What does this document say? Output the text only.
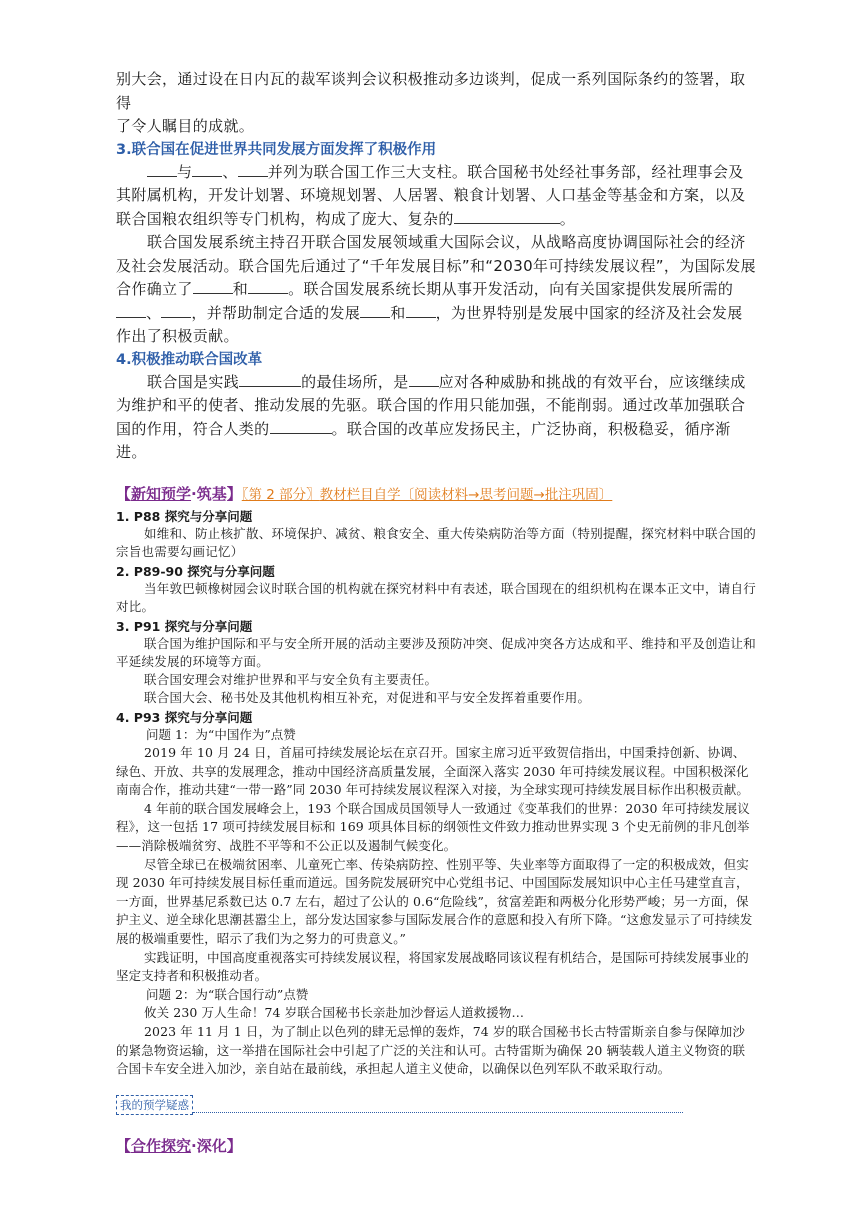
别大会，通过设在日内瓦的裁军谈判会议积极推动多边谈判，促成一系列国际条约的签署，取得
了令人瞩目的成就。

3.联合国在促进世界共同发展方面发挥了积极作用

与 、 并列为联合国工作三大支柱。联合国秘书处经社事务部，经社理事会及其附属机构，开发计划署、环境规划署、人居署、粮食计划署、人口基金等基金和方案，以及联合国粮农组织等专门机构，构成了庞大、复杂的	。

联合国发展系统主持召开联合国发展领域重大国际会议，从战略高度协调国际社会的经济及社会发展活动。联合国先后通过了“千年发展目标”和“2030年可持续发展议程”，为国际发展合作确立了	和	。联合国发展系统长期从事开发活动，向有关国家提供发展所需的、 ，并帮助制定合适的发展 和 ，为世界特别是发展中国家的经济及社会发展作出了积极贡献。

4.积极推动联合国改革

联合国是实践	的最佳场所，是 应对各种威胁和挑战的有效平台，应该继续成为维护和平的使者、推动发展的先驱。联合国的作用只能加强，不能削弱。通过改革加强联合国的作用，符合人类的	。联合国的改革应发扬民主，广泛协商，积极稳妥，循序渐进。

【新知预学·筑基】〖第 2 部分〗教材栏目自学〔阅读材料→思考问题→批注巩固〕

1. P88 探究与分享问题

如维和、防止核扩散、环境保护、减贫、粮食安全、重大传染病防治等方面（特别提醒，探究材料中联合国的宗旨也需要勾画记忆）

2. P89-90 探究与分享问题

当年敦巴顿橡树园会议时联合国的机构就在探究材料中有表述，联合国现在的组织机构在课本正文中，请自行对比。

3. P91 探究与分享问题

联合国为维护国际和平与安全所开展的活动主要涉及预防冲突、促成冲突各方达成和平、维持和平及创造让和平延续发展的环境等方面。

联合国安理会对维护世界和平与安全负有主要责任。

联合国大会、秘书处及其他机构相互补充，对促进和平与安全发挥着重要作用。

4. P93 探究与分享问题

问题 1：为“中国作为”点赞

2019 年 10 月 24 日，首届可持续发展论坛在京召开。国家主席习近平致贺信指出，中国秉持创新、协调、绿色、开放、共享的发展理念，推动中国经济高质量发展，全面深入落实 2030 年可持续发展议程。中国积极深化南南合作，推动共建“一带一路”同 2030 年可持续发展议程深入对接，为全球实现可持续发展目标作出积极贡献。

4 年前的联合国发展峰会上，193 个联合国成员国领导人一致通过《变革我们的世界：2030 年可持续发展议程》，这一包括 17 项可持续发展目标和 169 项具体目标的纲领性文件致力推动世界实现 3 个史无前例的非凡创举——消除极端贫穷、战胜不平等和不公正以及遏制气候变化。

尽管全球已在极端贫困率、儿童死亡率、传染病防控、性别平等、失业率等方面取得了一定的积极成效，但实现 2030 年可持续发展目标任重而道远。国务院发展研究中心党组书记、中国国际发展知识中心主任马建堂直言，一方面，世界基尼系数已达 0.7 左右，超过了公认的 0.6“危险线”，贫富差距和两极分化形势严峻；另一方面，保护主义、逆全球化思潮甚嚣尘上，部分发达国家参与国际发展合作的意愿和投入有所下降。“这愈发显示了可持续发展的极端重要性，昭示了我们为之努力的可贵意义。”

实践证明，中国高度重视落实可持续发展议程，将国家发展战略同该议程有机结合，是国际可持续发展事业的坚定支持者和积极推动者。

问题 2：为“联合国行动”点赞

攸关 230 万人生命！74 岁联合国秘书长亲赴加沙督运人道救援物…

2023 年 11 月 1 日，为了制止以色列的肆无忌惮的轰炸，74 岁的联合国秘书长古特雷斯亲自参与保障加沙的紧急物资运输，这一举措在国际社会中引起了广泛的关注和认可。古特雷斯为确保 20 辆装载人道主义物资的联合国卡车安全进入加沙，亲自站在最前线，承担起人道主义使命，以确保以色列军队不敢采取行动。

我的预学疑惑
【合作探究·深化】
